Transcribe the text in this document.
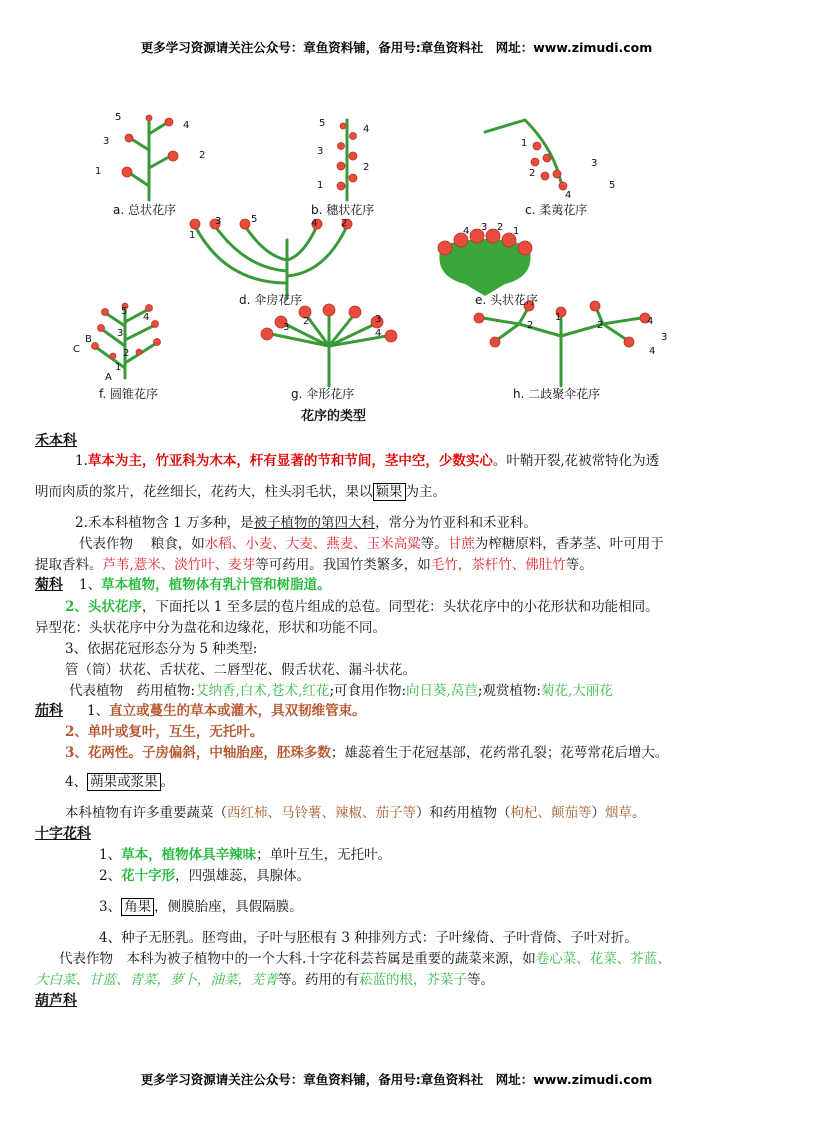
更多学习资源请关注公众号：章鱼资料铺，备用号:章鱼资料社　网址：www.zimudi.com
5
4
3
2
1
5
4
3
2
1
1
3
2
5
4
3	5	4 2
1	4 3 2 1
5
4
3
2
1
B
C
A
3
2	3
4
1
2	2	4
3
4
a. 总状花序	b. 穗状花序	c. 柔荑花序
d. 伞房花序	e. 头状花序
f. 圆锥花序	g. 伞形花序	h. 二歧聚伞花序
花序的类型
禾本科
1.草本为主，竹亚科为木本，杆有显著的节和节间，茎中空，少数实心。叶鞘开裂,花被常特化为透
明而肉质的浆片，花丝细长，花药大，柱头羽毛状，果以 颖果 为主。
2.禾本科植物含 1 万多种，是被子植物的第四大科，常分为竹亚科和禾亚科。
代表作物　 粮食，如水稻、小麦、大麦、燕麦、玉米高粱等。甘蔗为榨糖原料，香茅茎、叶可用于
提取香料。芦苇,薏米、淡竹叶、麦芽等可药用。我国竹类繁多，如毛竹，茶杆竹、佛肚竹等。
菊科 1、草本植物，植物体有乳汁管和树脂道。
2、头状花序，下面托以 1 至多层的苞片组成的总苞。同型花：头状花序中的小花形状和功能相同。
异型花：头状花序中分为盘花和边缘花，形状和功能不同。
3、依据花冠形态分为 5 种类型:
管（筒）状花、舌状花、二唇型花、假舌状花、漏斗状花。
代表植物　药用植物:艾纳香,白术,苍术,红花;可食用作物:向日葵,莴苣;观赏植物:菊花,大丽花
茄科 1、直立或蔓生的草本或灌木，具双韧维管束。
2、单叶或复叶，互生，无托叶。
3、花两性。子房偏斜，中轴胎座，胚珠多数；雄蕊着生于花冠基部，花药常孔裂；花萼常花后增大。
4、 蒴果或浆果 。
本科植物有许多重要蔬菜（西红柿、马铃薯、辣椒、茄子等）和药用植物（枸杞、颠茄等）烟草。
十字花科
1、草本，植物体具辛辣味；单叶互生，无托叶。
2、花十字形，四强雄蕊，具腺体。
3、 角果 ，侧膜胎座，具假隔膜。
4、种子无胚乳。胚弯曲，子叶与胚根有 3 种排列方式：子叶缘倚、子叶背倚、子叶对折。
代表作物　本科为被子植物中的一个大科.十字花科芸苔属是重要的蔬菜来源，如卷心菜、花菜、芥蓝、
大白菜、甘蓝、青菜，萝卜，油菜，芜菁等。药用的有菘蓝的根，芥菜子等。
葫芦科
更多学习资源请关注公众号：章鱼资料铺，备用号:章鱼资料社　网址：www.zimudi.com
